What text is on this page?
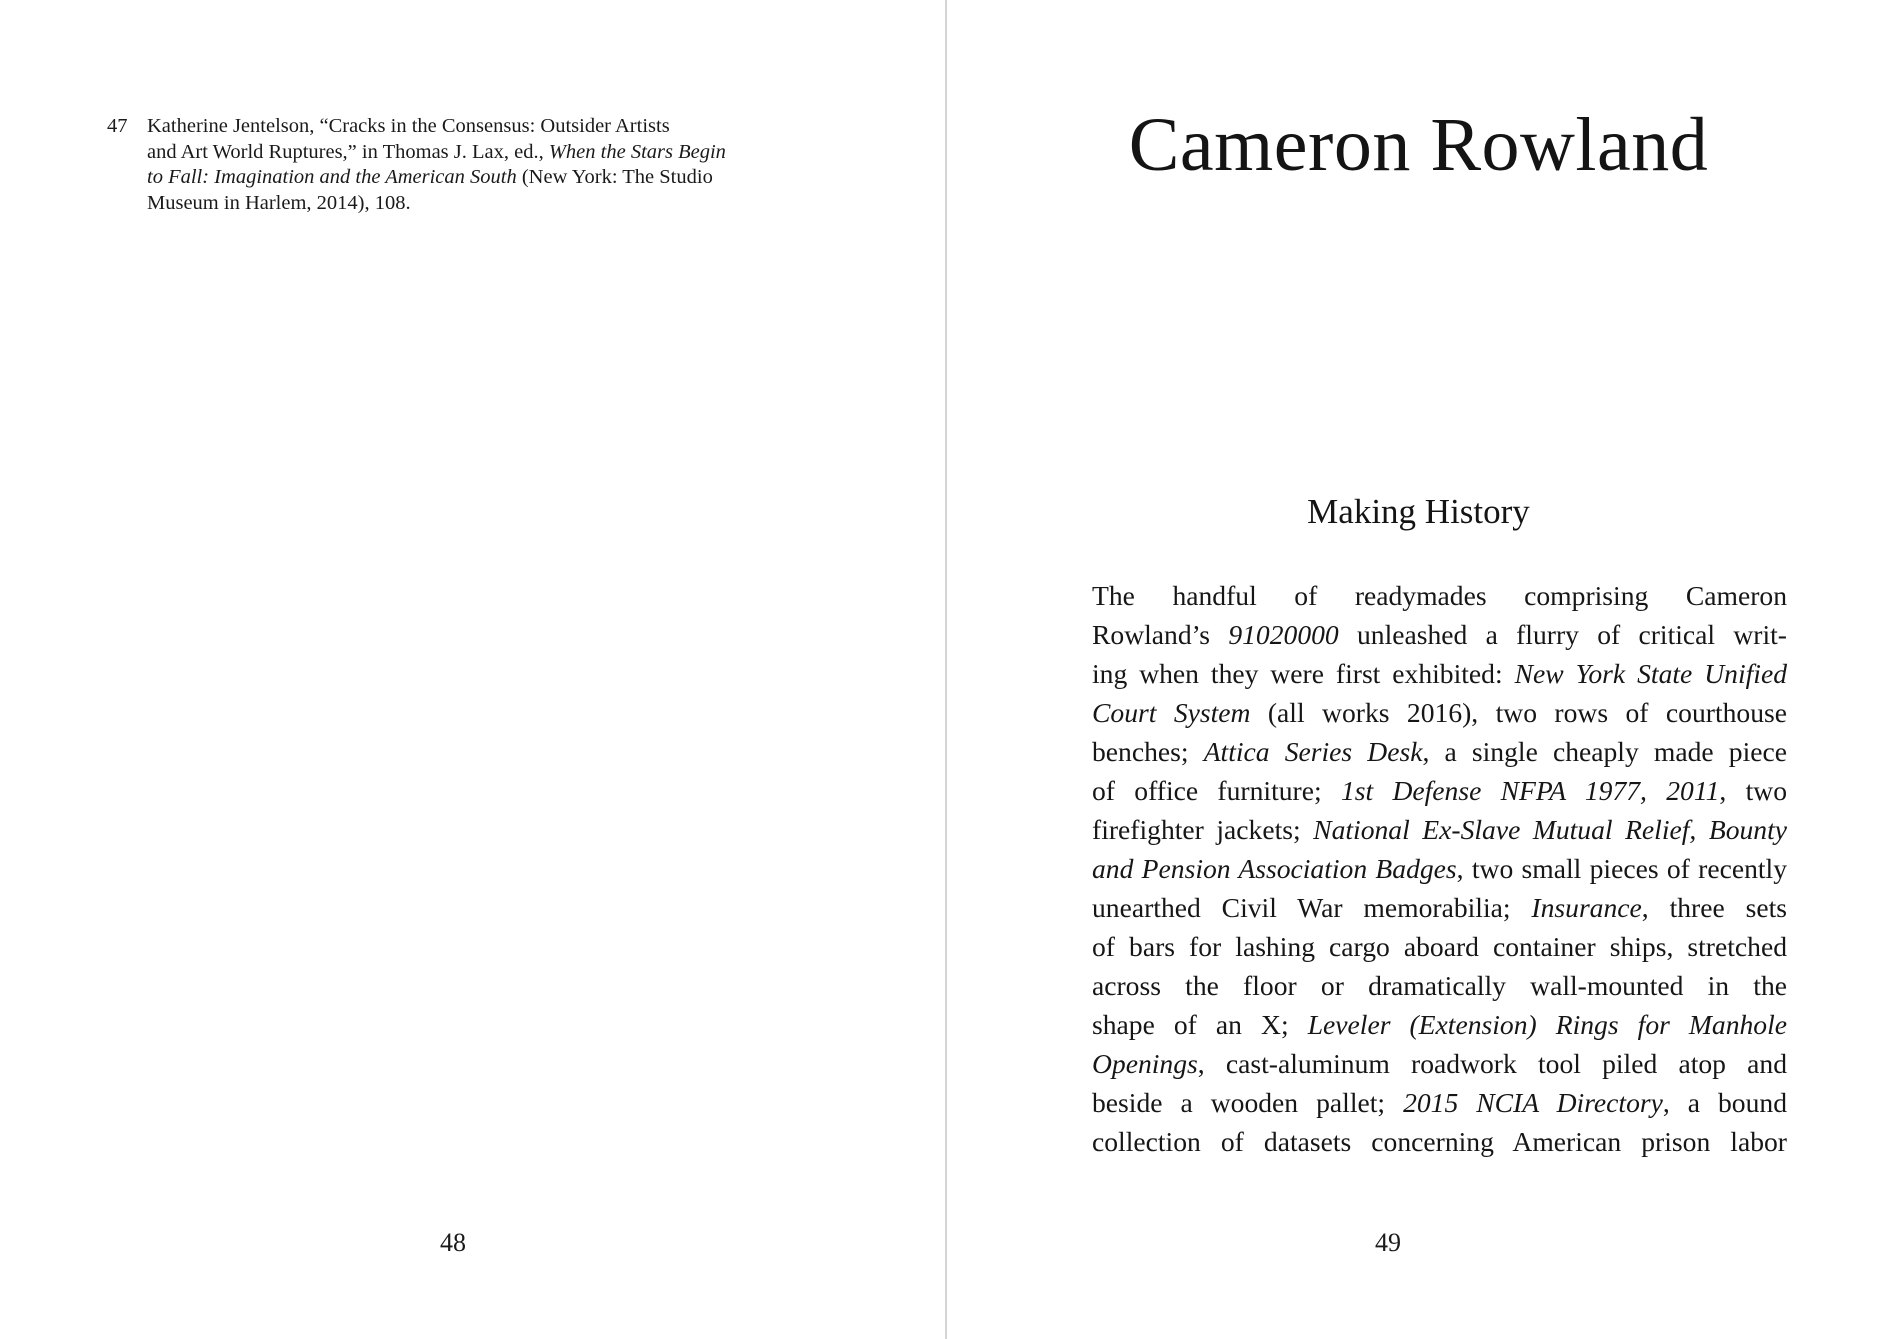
47 Katherine Jentelson, “Cracks in the Consensus: Outsider Artists
and Art World Ruptures,” in Thomas J. Lax, ed., When the Stars Begin
to Fall: Imagination and the American South (New York: The Studio
Museum in Harlem, 2014), 108.
48
Cameron Rowland
Making History
The handful of readymades comprising Cameron
Rowland’s 91020000 unleashed a flurry of critical writ-
ing when they were first exhibited: New York State Unified
Court System (all works 2016), two rows of courthouse
benches; Attica Series Desk, a single cheaply made piece
of office furniture; 1st Defense NFPA 1977, 2011, two
firefighter jackets; National Ex-Slave Mutual Relief, Bounty
and Pension Association Badges, two small pieces of recently
unearthed Civil War memorabilia; Insurance, three sets
of bars for lashing cargo aboard container ships, stretched
across the floor or dramatically wall-mounted in the
shape of an X; Leveler (Extension) Rings for Manhole
Openings, cast-aluminum roadwork tool piled atop and
beside a wooden pallet; 2015 NCIA Directory, a bound
collection of datasets concerning American prison labor
49
